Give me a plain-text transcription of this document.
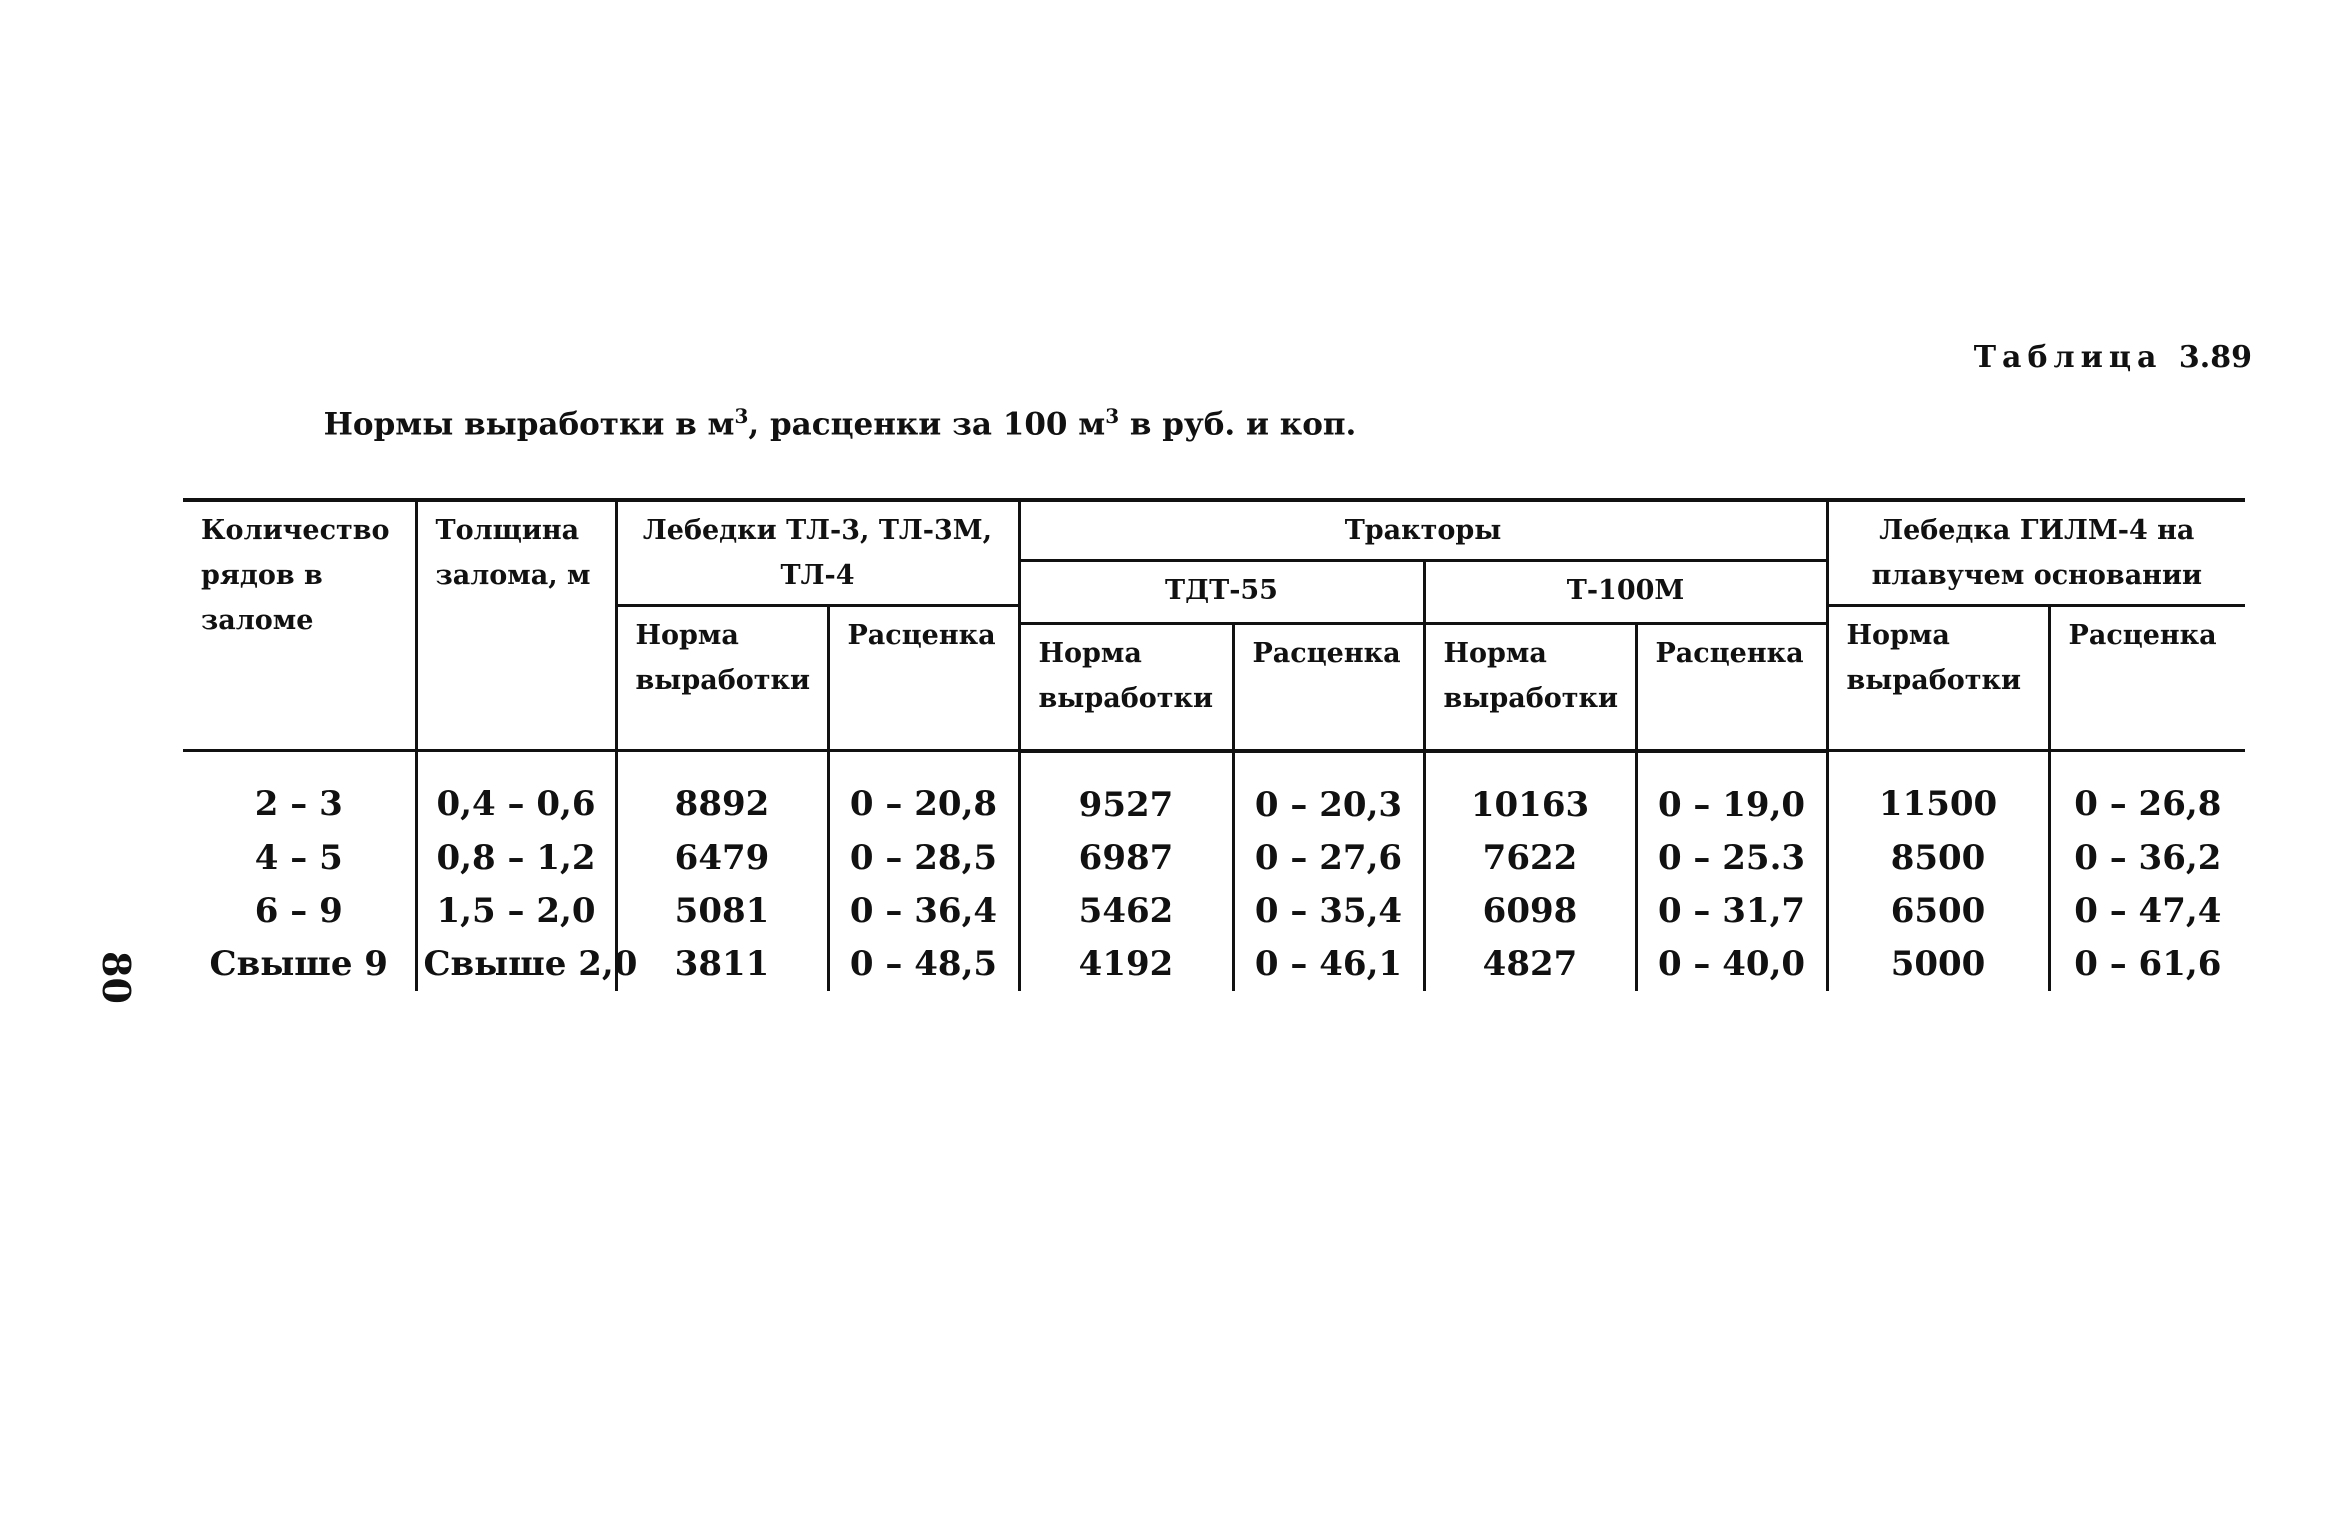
80
Таблица 3.89
Нормы выработки в $м^3$, расценки за 100 $м^3$ в руб. и коп.
Количество рядов в заломе	Толщина залома, м	Лебедки ТЛ-3, ТЛ-3М, ТЛ-4		Тракторы				Лебедка ГИЛМ-4 на плавучем основании	
				ТДТ-55		Т-100М			
		Норма выработки	Расценка					Норма выработки	Расценка
				Норма выработки	Расценка	Норма выработки	Расценка		
2 – 3	0,4 – 0,6	8892	0 – 20,8	9527	0 – 20,3	10163	0 – 19,0	11500	0 – 26,8
4 – 5	0,8 – 1,2	6479	0 – 28,5	6987	0 – 27,6	7622	0 – 25.3	8500	0 – 36,2
6 – 9	1,5 – 2,0	5081	0 – 36,4	5462	0 – 35,4	6098	0 – 31,7	6500	0 – 47,4
Свыше 9	Свыше 2,0	3811	0 – 48,5	4192	0 – 46,1	4827	0 – 40,0	5000	0 – 61,6
